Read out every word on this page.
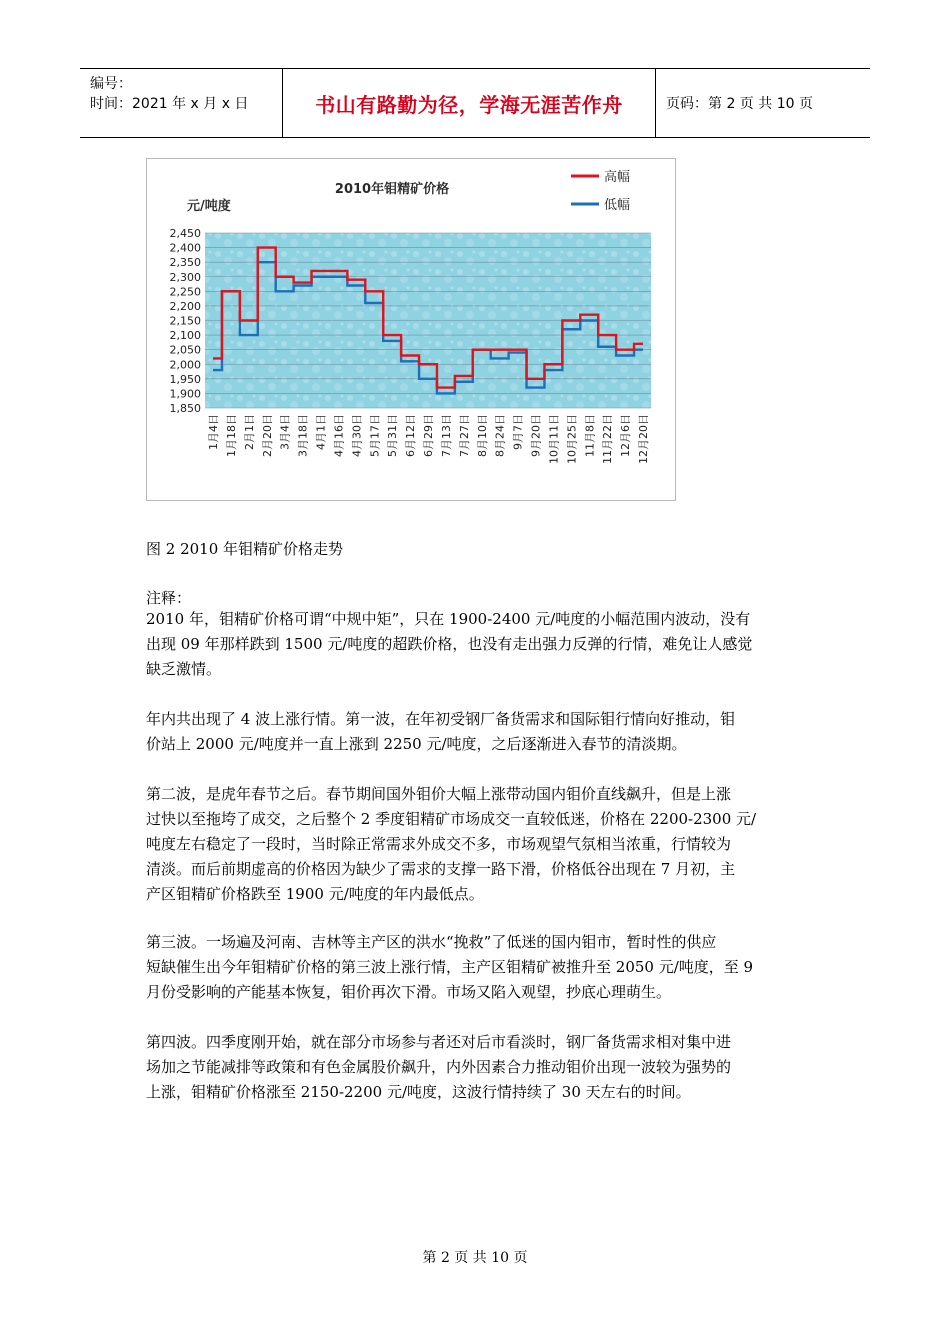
编号：
时间：2021 年 x 月 x 日	书山有路勤为径，学海无涯苦作舟	页码：第 2 页 共 10 页
2010年钼精矿价格
元/吨度
高幅
低幅
1,850
1,900
1,950
2,000
2,050
2,100
2,150
2,200
2,250
2,300
2,350
2,400
2,450
1月4日 1月18日 2月1日 2月20日 3月4日 3月18日 4月1日 4月16日 4月30日 5月17日 5月31日 6月12日 6月29日 7月13日 7月27日 8月10日 8月24日 9月7日 9月20日 10月11日 10月25日 11月8日 11月22日 12月6日 12月20日
图 2 2010 年钼精矿价格走势
注释：
2010 年，钼精矿价格可谓“中规中矩”，只在 1900-2400 元/吨度的小幅范围内波动，没有
出现 09 年那样跌到 1500 元/吨度的超跌价格，也没有走出强力反弹的行情，难免让人感觉
缺乏激情。
年内共出现了 4 波上涨行情。第一波，在年初受钢厂备货需求和国际钼行情向好推动，钼
价站上 2000 元/吨度并一直上涨到 2250 元/吨度，之后逐渐进入春节的清淡期。
第二波，是虎年春节之后。春节期间国外钼价大幅上涨带动国内钼价直线飙升，但是上涨
过快以至拖垮了成交，之后整个 2 季度钼精矿市场成交一直较低迷，价格在 2200-2300 元/
吨度左右稳定了一段时，当时除正常需求外成交不多，市场观望气氛相当浓重，行情较为
清淡。而后前期虚高的价格因为缺少了需求的支撑一路下滑，价格低谷出现在 7 月初，主
产区钼精矿价格跌至 1900 元/吨度的年内最低点。
第三波。一场遍及河南、吉林等主产区的洪水“挽救”了低迷的国内钼市，暂时性的供应
短缺催生出今年钼精矿价格的第三波上涨行情，主产区钼精矿被推升至 2050 元/吨度，至 9
月份受影响的产能基本恢复，钼价再次下滑。市场又陷入观望，抄底心理萌生。
第四波。四季度刚开始，就在部分市场参与者还对后市看淡时，钢厂备货需求相对集中进
场加之节能减排等政策和有色金属股价飙升，内外因素合力推动钼价出现一波较为强势的
上涨，钼精矿价格涨至 2150-2200 元/吨度，这波行情持续了 30 天左右的时间。
第 2 页 共 10 页
